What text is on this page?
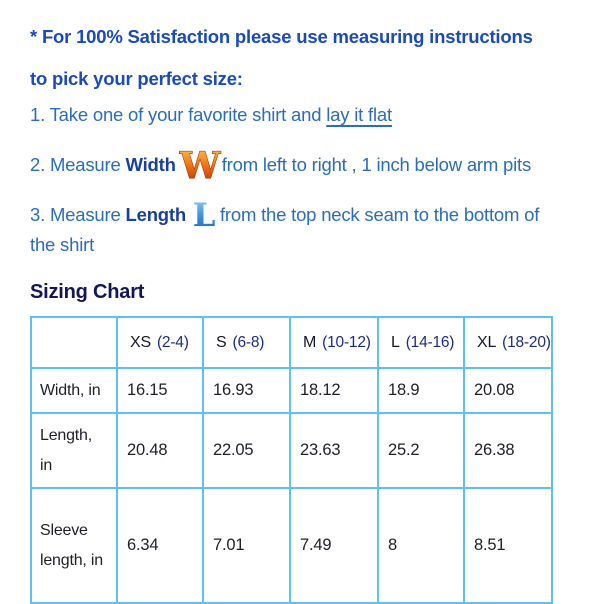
* For 100% Satisfaction please use measuring instructions
to pick your perfect size:

1. Take one of your favorite shirt and lay it flat
2. Measure Width W from left to right , 1 inch below arm pits
3. Measure Length L from the top neck seam to the bottom of
the shirt
Sizing Chart
	XS (2-4)	S (6-8)	M (10-12)	L (14-16)	XL (18-20)
Width, in	16.15	16.93	18.12	18.9	20.08
Length, in	20.48	22.05	23.63	25.2	26.38
Sleeve length, in	6.34	7.01	7.49	8	8.51
